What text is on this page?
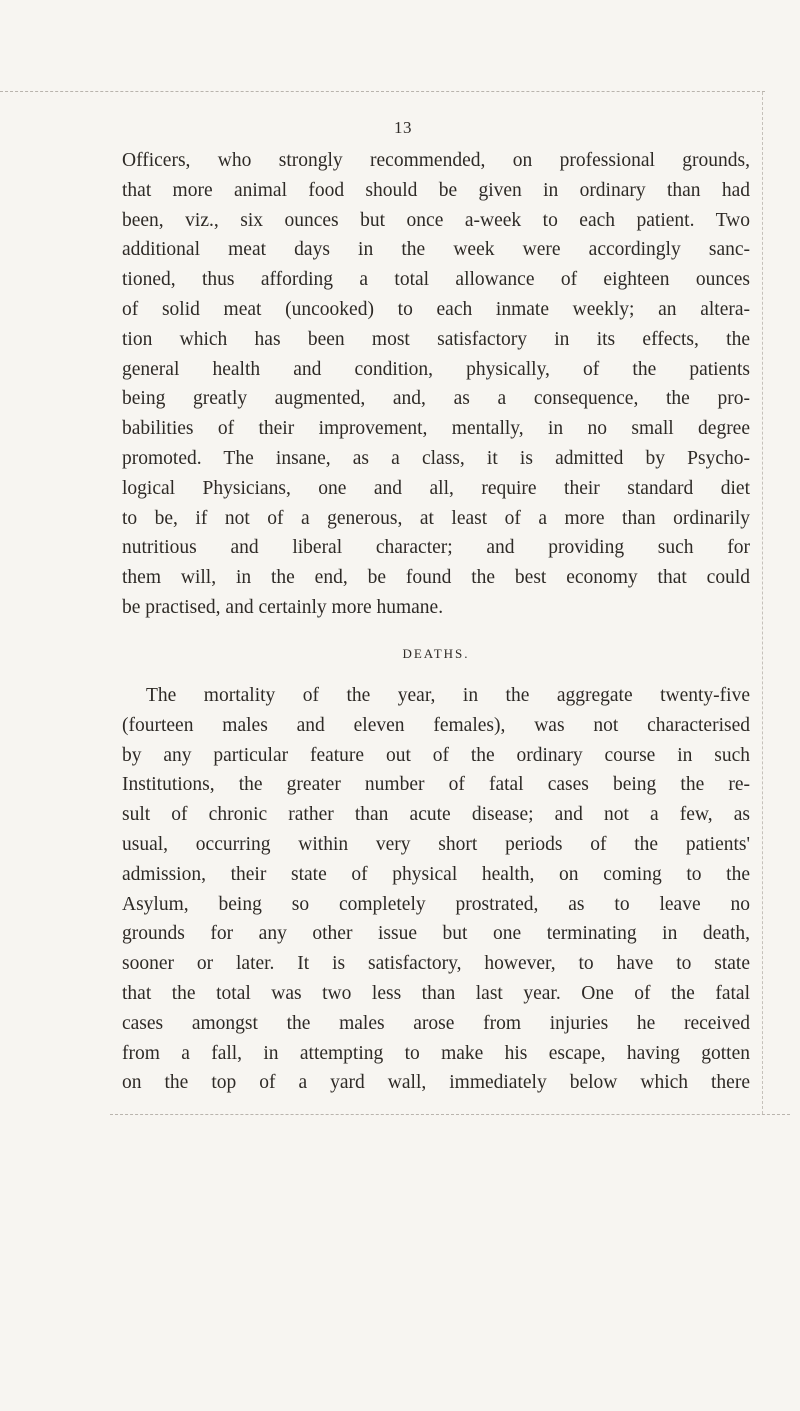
13

Officers, who strongly recommended, on professional grounds,
that more animal food should be given in ordinary than had
been, viz., six ounces but once a-week to each patient. Two
additional meat days in the week were accordingly sanc-
tioned, thus affording a total allowance of eighteen ounces
of solid meat (uncooked) to each inmate weekly; an altera-
tion which has been most satisfactory in its effects, the
general health and condition, physically, of the patients
being greatly augmented, and, as a consequence, the pro-
babilities of their improvement, mentally, in no small degree
promoted. The insane, as a class, it is admitted by Psycho-
logical Physicians, one and all, require their standard diet
to be, if not of a generous, at least of a more than ordinarily
nutritious and liberal character; and providing such for
them will, in the end, be found the best economy that could
be practised, and certainly more humane.

DEATHS.

The mortality of the year, in the aggregate twenty-five
(fourteen males and eleven females), was not characterised
by any particular feature out of the ordinary course in such
Institutions, the greater number of fatal cases being the re-
sult of chronic rather than acute disease; and not a few, as
usual, occurring within very short periods of the patients'
admission, their state of physical health, on coming to the
Asylum, being so completely prostrated, as to leave no
grounds for any other issue but one terminating in death,
sooner or later. It is satisfactory, however, to have to state
that the total was two less than last year. One of the fatal
cases amongst the males arose from injuries he received
from a fall, in attempting to make his escape, having gotten
on the top of a yard wall, immediately below which there
